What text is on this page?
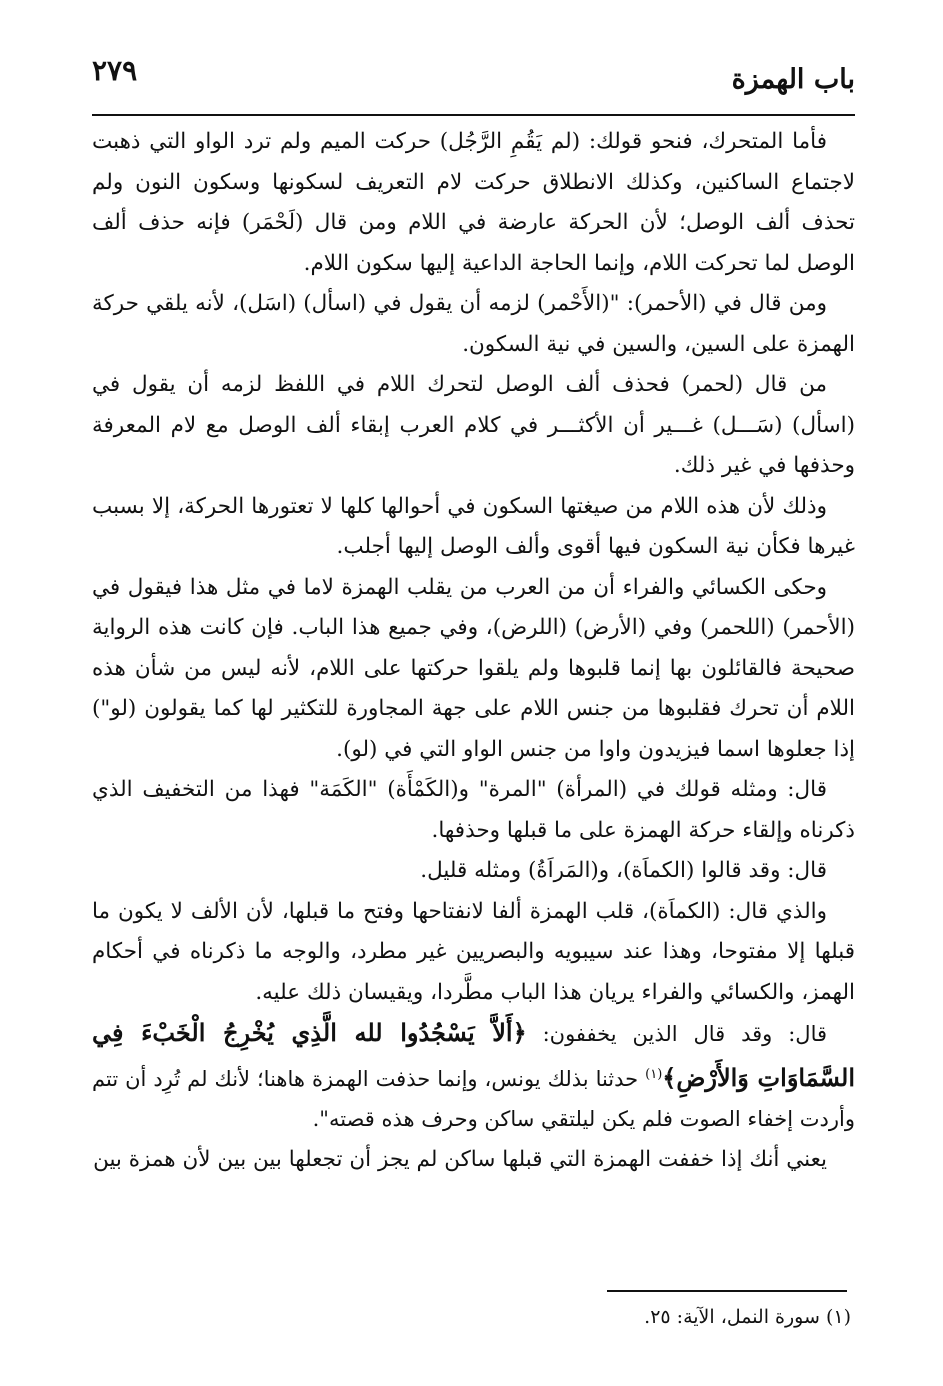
باب الهمزة
٢٧٩

فأما المتحرك، فنحو قولك: (لم يَقُمِ الرَّجُل) حركت الميم ولم ترد الواو التي ذهبت لاجتماع الساكنين، وكذلك الانطلاق حركت لام التعريف لسكونها وسكون النون ولم تحذف ألف الوصل؛ لأن الحركة عارضة في اللام ومن قال (لَحْمَر) فإنه حذف ألف الوصل لما تحركت اللام، وإنما الحاجة الداعية إليها سكون اللام.

ومن قال في (الأحمر): "(الأَحْمر) لزمه أن يقول في (اسأل) (اسَل)، لأنه يلقي حركة الهمزة على السين، والسين في نية السكون.

من قال (لحمر) فحذف ألف الوصل لتحرك اللام في اللفظ لزمه أن يقول في (اسأل) (سَـــل) غـــير أن الأكثـــر في كلام العرب إبقاء ألف الوصل مع لام المعرفة وحذفها في غير ذلك.

وذلك لأن هذه اللام من صيغتها السكون في أحوالها كلها لا تعتورها الحركة، إلا بسبب غيرها فكأن نية السكون فيها أقوى وألف الوصل إليها أجلب.

وحكى الكسائي والفراء أن من العرب من يقلب الهمزة لاما في مثل هذا فيقول في (الأحمر) (اللحمر) وفي (الأرض) (اللرض)، وفي جميع هذا الباب. فإن كانت هذه الرواية صحيحة فالقائلون بها إنما قلبوها ولم يلقوا حركتها على اللام، لأنه ليس من شأن هذه اللام أن تحرك فقلبوها من جنس اللام على جهة المجاورة للتكثير لها كما يقولون (لو") إذا جعلوها اسما فيزيدون واوا من جنس الواو التي في (لو).

قال: ومثله قولك في (المرأة) "المرة" و(الكَمْأَة) "الكَمَة" فهذا من التخفيف الذي ذكرناه وإلقاء حركة الهمزة على ما قبلها وحذفها.

قال: وقد قالوا (الكماَة)، و(المَراَةُ) ومثله قليل.

والذي قال: (الكماَة)، قلب الهمزة ألفا لانفتاحها وفتح ما قبلها، لأن الألف لا يكون ما قبلها إلا مفتوحا، وهذا عند سيبويه والبصريين غير مطرد، والوجه ما ذكرناه في أحكام الهمز، والكسائي والفراء يريان هذا الباب مطَّردا، ويقيسان ذلك عليه.

قال: وقد قال الذين يخففون: ﴿أَلاَّ يَسْجُدُوا لله الَّذِي يُخْرِجُ الْخَبْءَ فِي السَّمَاوَاتِ وَالأَرْضِ﴾$^{(١)}$ حدثنا بذلك يونس، وإنما حذفت الهمزة هاهنا؛ لأنك لم تُرِد أن تتم وأردت إخفاء الصوت فلم يكن ليلتقي ساكن وحرف هذه قصته".

يعني أنك إذا خففت الهمزة التي قبلها ساكن لم يجز أن تجعلها بين بين لأن همزة بين

(١) سورة النمل، الآية: ٢٥.
